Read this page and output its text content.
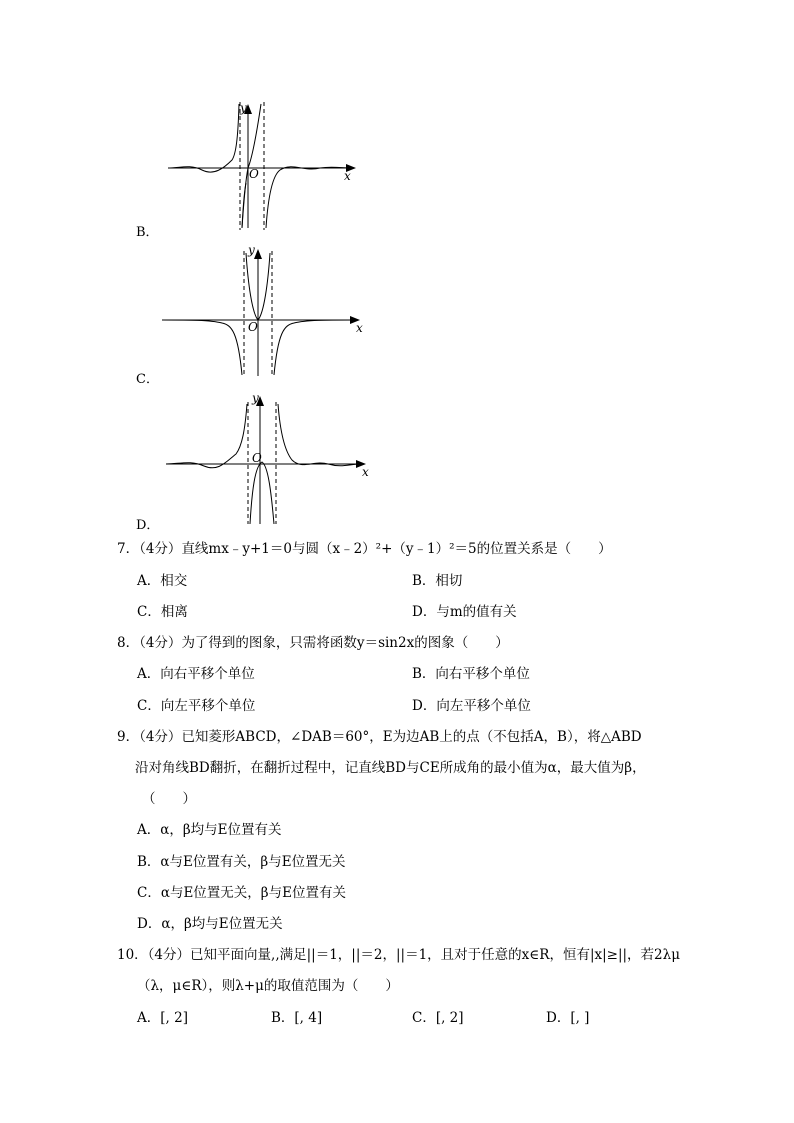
y
x
O
B．
y
x
O
C．
y
x
O
D．
7．（4分）直线mx﹣y+1＝0与圆（x﹣2）²+（y﹣1）²＝5的位置关系是（　　）
A．相交	B．相切
C．相离	D．与m的值有关
8．（4分）为了得到的图象，只需将函数y＝sin2x的图象（　　）
A．向右平移个单位	B．向右平移个单位
C．向左平移个单位	D．向左平移个单位
9．（4分）已知菱形ABCD，∠DAB＝60°，E为边AB上的点（不包括A，B），将△ABD
沿对角线BD翻折，在翻折过程中，记直线BD与CE所成角的最小值为α，最大值为β，
（　　）
A．α，β均与E位置有关
B．α与E位置有关，β与E位置无关
C．α与E位置无关，β与E位置有关
D．α，β均与E位置无关
10．（4分）已知平面向量,,满足||＝1，||＝2，||＝1，且对于任意的x∈R，恒有|x|≥||，若2λμ
（λ，μ∈R），则λ+μ的取值范围为（　　）
A．[, 2]	B．[, 4]	C．[, 2]	D．[, ]
